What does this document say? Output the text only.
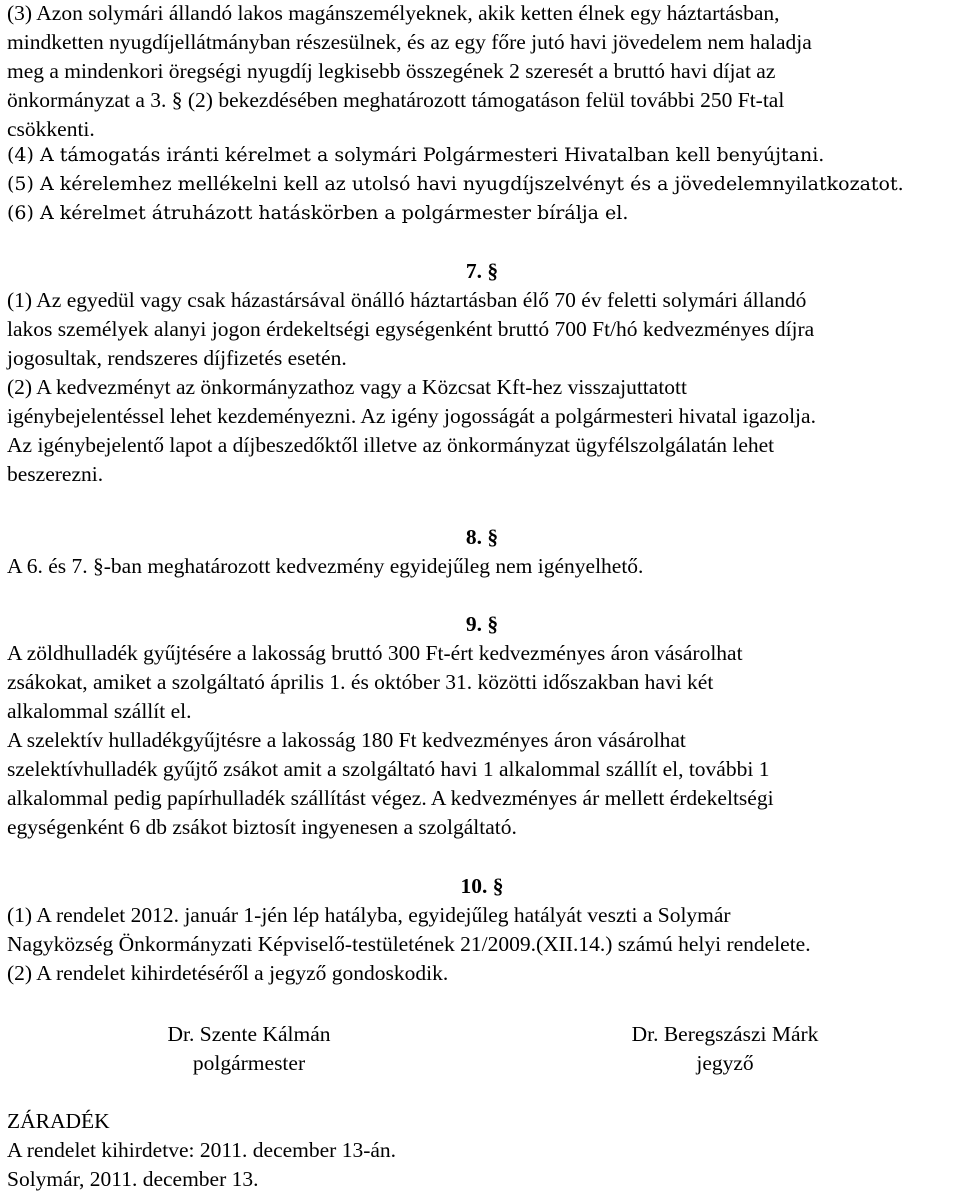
(3) Azon solymári állandó lakos magánszemélyeknek, akik ketten élnek egy háztartásban,
mindketten nyugdíjellátmányban részesülnek, és az egy főre jutó havi jövedelem nem haladja
meg a mindenkori öregségi nyugdíj legkisebb összegének 2 szeresét a bruttó havi díjat az
önkormányzat a 3. § (2) bekezdésében meghatározott támogatáson felül további 250 Ft-tal
csökkenti.
(4) A támogatás iránti kérelmet a solymári Polgármesteri Hivatalban kell benyújtani.
(5) A kérelemhez mellékelni kell az utolsó havi nyugdíjszelvényt és a jövedelemnyilatkozatot.
(6) A kérelmet átruházott hatáskörben a polgármester bírálja el.
7. §
(1) Az egyedül vagy csak házastársával önálló háztartásban élő 70 év feletti solymári állandó
lakos személyek alanyi jogon érdekeltségi egységenként bruttó 700 Ft/hó kedvezményes díjra
jogosultak, rendszeres díjfizetés esetén.
(2) A kedvezményt az önkormányzathoz vagy a Közcsat Kft-hez visszajuttatott
igénybejelentéssel lehet kezdeményezni. Az igény jogosságát a polgármesteri hivatal igazolja.
Az igénybejelentő lapot a díjbeszedőktől illetve az önkormányzat ügyfélszolgálatán lehet
beszerezni.
8. §
A 6. és 7. §-ban meghatározott kedvezmény egyidejűleg nem igényelhető.
9. §
A zöldhulladék gyűjtésére a lakosság bruttó 300 Ft-ért kedvezményes áron vásárolhat
zsákokat, amiket a szolgáltató április 1. és október 31. közötti időszakban havi két
alkalommal szállít el.
A szelektív hulladékgyűjtésre a lakosság 180 Ft kedvezményes áron vásárolhat
szelektívhulladék gyűjtő zsákot amit a szolgáltató havi 1 alkalommal szállít el, további 1
alkalommal pedig papírhulladék szállítást végez. A kedvezményes ár mellett érdekeltségi
egységenként 6 db zsákot biztosít ingyenesen a szolgáltató.
10. §
(1) A rendelet 2012. január 1-jén lép hatályba, egyidejűleg hatályát veszti a Solymár
Nagyközség Önkormányzati Képviselő-testületének 21/2009.(XII.14.) számú helyi rendelete.
(2) A rendelet kihirdetéséről a jegyző gondoskodik.
Dr. Szente Kálmán
polgármester
Dr. Beregszászi Márk
jegyző
ZÁRADÉK
A rendelet kihirdetve: 2011. december 13-án.
Solymár, 2011. december 13.
